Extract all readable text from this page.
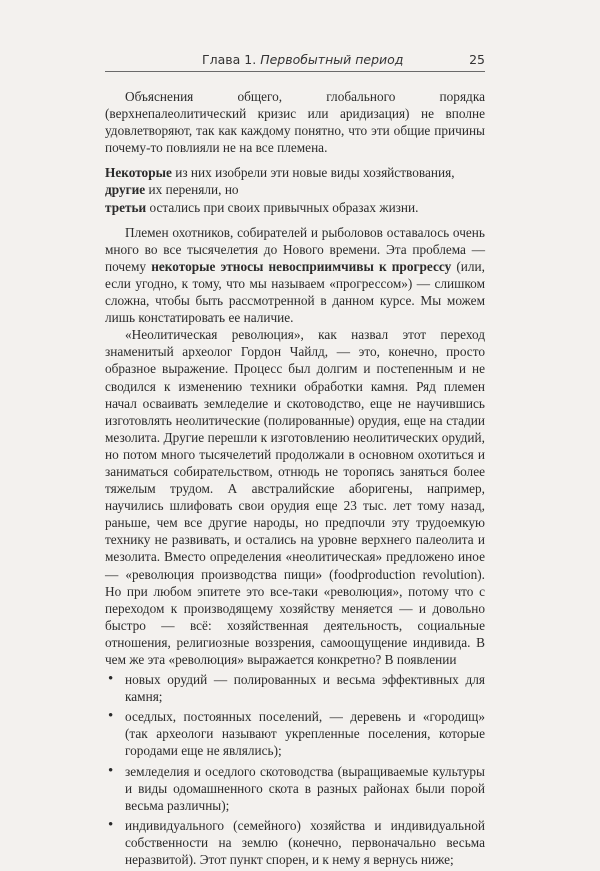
Глава 1. Первобытный период	25

Объяснения общего, глобального порядка (верхнепалеолитический кризис или аридизация) не вполне удовлетворяют, так как каждому понятно, что эти общие причины почему-то повлияли не на все племена.

Некоторые из них изобрели эти новые виды хозяйствования,

другие их переняли, но

третьи остались при своих привычных образах жизни.

Племен охотников, собирателей и рыболовов оставалось очень много во все тысячелетия до Нового времени. Эта проблема — почему некоторые этносы невосприимчивы к прогрессу (или, если угодно, к тому, что мы называем «прогрессом») — слишком сложна, чтобы быть рассмотренной в данном курсе. Мы можем лишь констатировать ее наличие.

«Неолитическая революция», как назвал этот переход знаменитый археолог Гордон Чайлд, — это, конечно, просто образное выражение. Процесс был долгим и постепенным и не сводился к изменению техники обработки камня. Ряд племен начал осваивать земледелие и скотоводство, еще не научившись изготовлять неолитические (полированные) орудия, еще на стадии мезолита. Другие перешли к изготовлению неолитических орудий, но потом много тысячелетий продолжали в основном охотиться и заниматься собирательством, отнюдь не торопясь заняться более тяжелым трудом. А австралийские аборигены, например, научились шлифовать свои орудия еще 23 тыс. лет тому назад, раньше, чем все другие народы, но предпочли эту трудоемкую технику не развивать, и остались на уровне верхнего палеолита и мезолита. Вместо определения «неолитическая» предложено иное — «революция производства пищи» (foodproduction revolution). Но при любом эпитете это все-таки «революция», потому что с переходом к производящему хозяйству меняется — и довольно быстро — всё: хозяйственная деятельность, социальные отношения, религиозные воззрения, самоощущение индивида. В чем же эта «революция» выражается конкретно? В появлении

• новых орудий — полированных и весьма эффективных для камня;
• оседлых, постоянных поселений, — деревень и «городищ» (так археологи называют укрепленные поселения, которые городами еще не являлись);
• земледелия и оседлого скотоводства (выращиваемые культуры и виды одомашненного скота в разных районах были порой весьма различны);
• индивидуального (семейного) хозяйства и индивидуальной собственности на землю (конечно, первоначально весьма неразвитой). Этот пункт спорен, и к нему я вернусь ниже;
